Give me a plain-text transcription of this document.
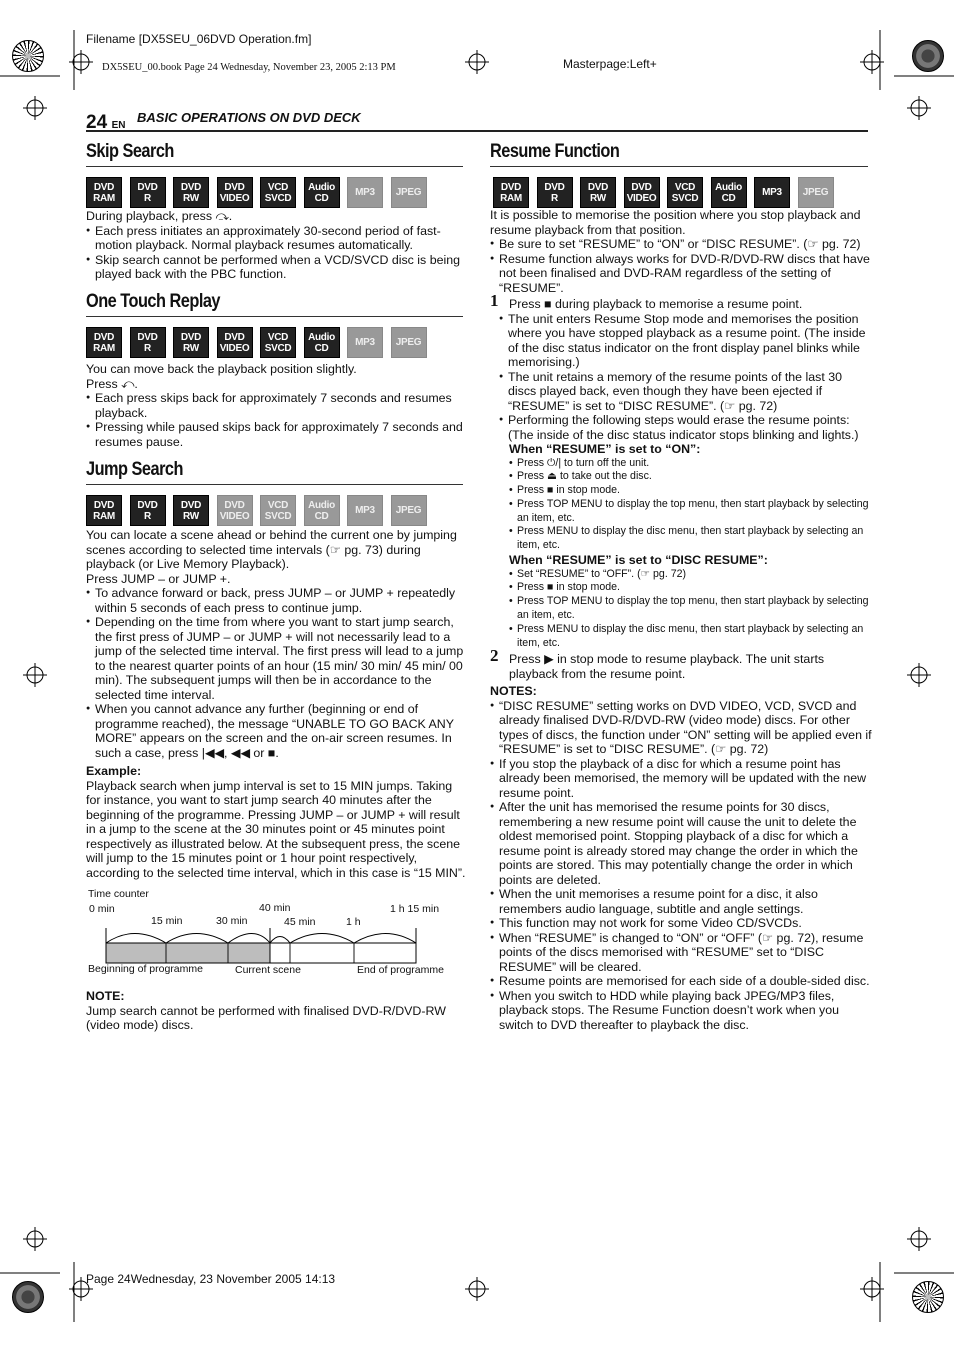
Filename [DX5SEU_06DVD Operation.fm]
DX5SEU_00.book Page 24 Wednesday, November 23, 2005 2:13 PM	Masterpage:Left+
24 EN
BASIC OPERATIONS ON DVD DECK
Skip Search
DVD
RAMDVD
RDVD
RWDVD
VIDEOVCD
SVCDAudio
CDMP3 JPEG

During playback, press ⤼.

● Each press initiates an approximately 30-second period of fast-motion playback. Normal playback resumes automatically.

● Skip search cannot be performed when a VCD/SVCD disc is being played back with the PBC function.

One Touch Replay
DVD
RAMDVD
RDVD
RWDVD
VIDEOVCD
SVCDAudio
CDMP3 JPEG

You can move back the playback position slightly.

Press ⤺.

● Each press skips back for approximately 7 seconds and resumes playback.

● Pressing while paused skips back for approximately 7 seconds and resumes pause.

Jump Search
DVD
RAMDVD
RDVD
RWDVD
VIDEOVCD
SVCDAudio
CDMP3 JPEG

You can locate a scene ahead or behind the current one by jumping scenes according to selected time intervals (☞ pg. 73) during playback (or Live Memory Playback).

Press JUMP – or JUMP +.

● To advance forward or back, press JUMP – or JUMP + repeatedly within 5 seconds of each press to continue jump.

● Depending on the time from where you want to start jump search, the first press of JUMP – or JUMP + will not necessarily lead to a jump of the selected time interval. The first press will lead to a jump to the nearest quarter points of an hour (15 min/ 30 min/ 45 min/ 00 min). The subsequent jumps will then be in accordance to the selected time interval.

● When you cannot advance any further (beginning or end of programme reached), the message “UNABLE TO GO BACK ANY MORE” appears on the screen and the on-air screen resumes. In such a case, press |◀◀, ◀◀ or ■.

Example:

Playback search when jump interval is set to 15 MIN jumps. Taking for instance, you want to start jump search 40 minutes after the beginning of the programme. Pressing JUMP – or JUMP + will result in a jump to the scene at the 30 minutes point or 45 minutes point respectively as illustrated below. At the subsequent press, the scene will jump to the 15 minutes point or 1 hour point respectively, according to the selected time interval, which in this case is “15 MIN”.

Time counter
0 min
15 min	30 min
40 min
45 min	1 h
1 h 15 min
Beginning of programme	Current scene	End of programme

NOTE:

Jump search cannot be performed with finalised DVD-R/DVD-RW (video mode) discs.

Resume Function
DVD
RAMDVD
RDVD
RWDVD
VIDEOVCD
SVCDAudio
CDMP3 JPEG

It is possible to memorise the position where you stop playback and resume playback from that position.

● Be sure to set “RESUME” to “ON” or “DISC RESUME”. (☞ pg. 72)

● Resume function always works for DVD-R/DVD-RW discs that have not been finalised and DVD-RAM regardless of the setting of “RESUME”.

1 Press ■ during playback to memorise a resume point.

● The unit enters Resume Stop mode and memorises the position where you have stopped playback as a resume point. (The inside of the disc status indicator on the front display panel blinks while memorising.)

● The unit retains a memory of the resume points of the last 30 discs played back, even though they have been ejected if “RESUME” is set to “DISC RESUME”. (☞ pg. 72)

● Performing the following steps would erase the resume points: (The inside of the disc status indicator stops blinking and lights.)

When “RESUME” is set to “ON”:

• Press ⏻/| to turn off the unit.

• Press ⏏ to take out the disc.

• Press ■ in stop mode.

• Press TOP MENU to display the top menu, then start playback by selecting an item, etc.

• Press MENU to display the disc menu, then start playback by selecting an item, etc.

When “RESUME” is set to “DISC RESUME”:

• Set “RESUME” to “OFF”. (☞ pg. 72)

• Press ■ in stop mode.

• Press TOP MENU to display the top menu, then start playback by selecting an item, etc.

• Press MENU to display the disc menu, then start playback by selecting an item, etc.

2 Press ▶ in stop mode to resume playback. The unit starts playback from the resume point.

NOTES:

● “DISC RESUME” setting works on DVD VIDEO, VCD, SVCD and already finalised DVD-R/DVD-RW (video mode) discs. For other types of discs, the function under “ON” setting will be applied even if “RESUME” is set to “DISC RESUME”. (☞ pg. 72)

● If you stop the playback of a disc for which a resume point has already been memorised, the memory will be updated with the new resume point.

● After the unit has memorised the resume points for 30 discs, remembering a new resume point will cause the unit to delete the oldest memorised point. Stopping playback of a disc for which a resume point is already stored may change the order in which the points are stored. This may potentially change the order in which points are deleted.

● When the unit memorises a resume point for a disc, it also remembers audio language, subtitle and angle settings.

● This function may not work for some Video CD/SVCDs.

● When “RESUME” is changed to “ON” or “OFF” (☞ pg. 72), resume points of the discs memorised with “RESUME” set to “DISC RESUME” will be cleared.

● Resume points are memorised for each side of a double-sided disc.

● When you switch to HDD while playing back JPEG/MP3 files, playback stops. The Resume Function doesn’t work when you switch to DVD thereafter to playback the disc.

Page 24Wednesday, 23 November 2005 14:13
